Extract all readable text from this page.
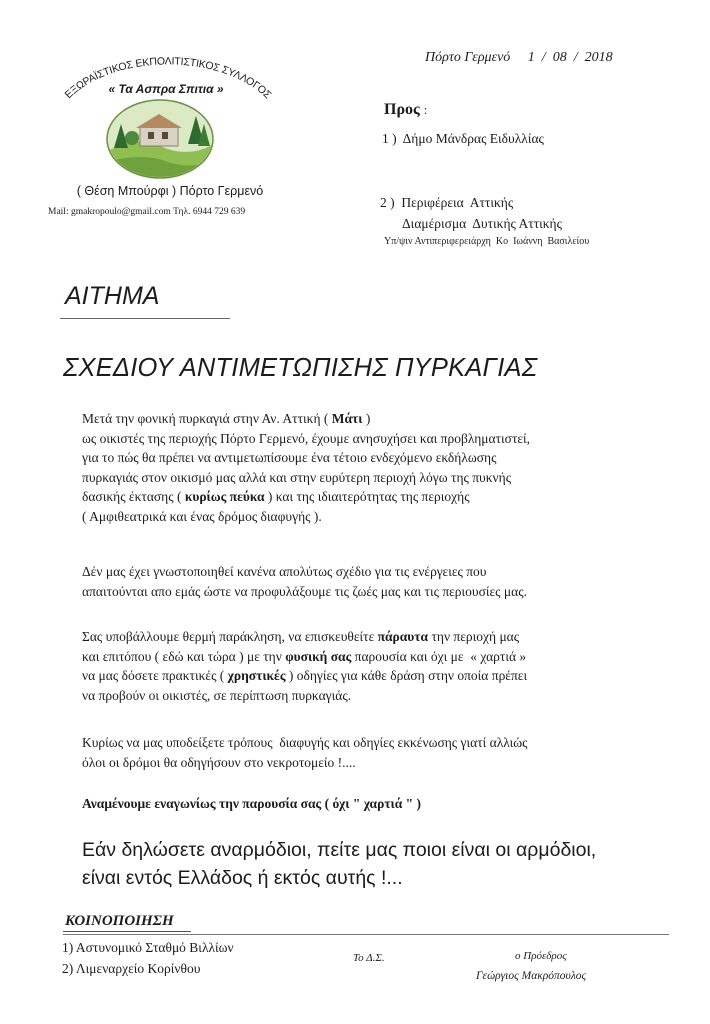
ΕΞΩΡΑΪΣΤΙΚΟΣ ΕΚΠΟΛΙΤΙΣΤΙΚΟΣ ΣΥΛΛΟΓΟΣ
« Τα Ασπρα Σπιτια »
( Θέση Μπούρφι ) Πόρτο Γερμενό
Mail: gmakropoulo@gmail.com Τηλ. 6944 729 639
Πόρτο Γερμενό     1  /  08  /  2018
Προς :
1 )  Δήμο Μάνδρας Ειδυλλίας
2 )  Περιφέρεια  Αττικής
Διαμέρισμα  Δυτικής Αττικής
Υπ/ψιν Αντιπεριφερειάρχη  Κο  Ιωάννη  Βασιλείου
ΑΙΤΗΜΑ
ΣΧΕΔΙΟΥ ΑΝΤΙΜΕΤΩΠΙΣΗΣ ΠΥΡΚΑΓΙΑΣ
Μετά την φονική πυρκαγιά στην Αν. Αττική ( Μάτι )
ως οικιστές της περιοχής Πόρτο Γερμενό, έχουμε ανησυχήσει και προβληματιστεί,
για το πώς θα πρέπει να αντιμετωπίσουμε ένα τέτοιο ενδεχόμενο εκδήλωσης
πυρκαγιάς στον οικισμό μας αλλά και στην ευρύτερη περιοχή λόγω της πυκνής
δασικής έκτασης ( κυρίως πεύκα ) και της ιδιαιτερότητας της περιοχής
( Αμφιθεατρικά και ένας δρόμος διαφυγής ).
Δέν μας έχει γνωστοποιηθεί κανένα απολύτως σχέδιο για τις ενέργειες που
απαιτούνται απο εμάς ώστε να προφυλάξουμε τις ζωές μας και τις περιουσίες μας.
Σας υποβάλλουμε θερμή παράκληση, να επισκευθείτε πάραυτα την περιοχή μας
και επιτόπου ( εδώ και τώρα ) με την φυσική σας παρουσία και όχι με  « χαρτιά »
να μας δόσετε πρακτικές ( χρηστικές ) οδηγίες για κάθε δράση στην οποία πρέπει
να προβούν οι οικιστές, σε περίπτωση πυρκαγιάς.
Κυρίως να μας υποδείξετε τρόπους  διαφυγής και οδηγίες εκκένωσης γιατί αλλιώς
όλοι οι δρόμοι θα οδηγήσουν στο νεκροτομείο !....
Αναμένουμε εναγωνίως την παρουσία σας ( όχι " χαρτιά " )
Εάν δηλώσετε αναρμόδιοι, πείτε μας ποιοι είναι οι αρμόδιοι,
είναι εντός Ελλάδος ή εκτός αυτής !...
ΚΟΙΝΟΠΟΙΗΣΗ
1) Αστυνομικό Σταθμό Βιλλίων
2) Λιμεναρχείο Κορίνθου
Το Δ.Σ.	ο Πρόεδρος
Γεώργιος Μακρόπουλος
